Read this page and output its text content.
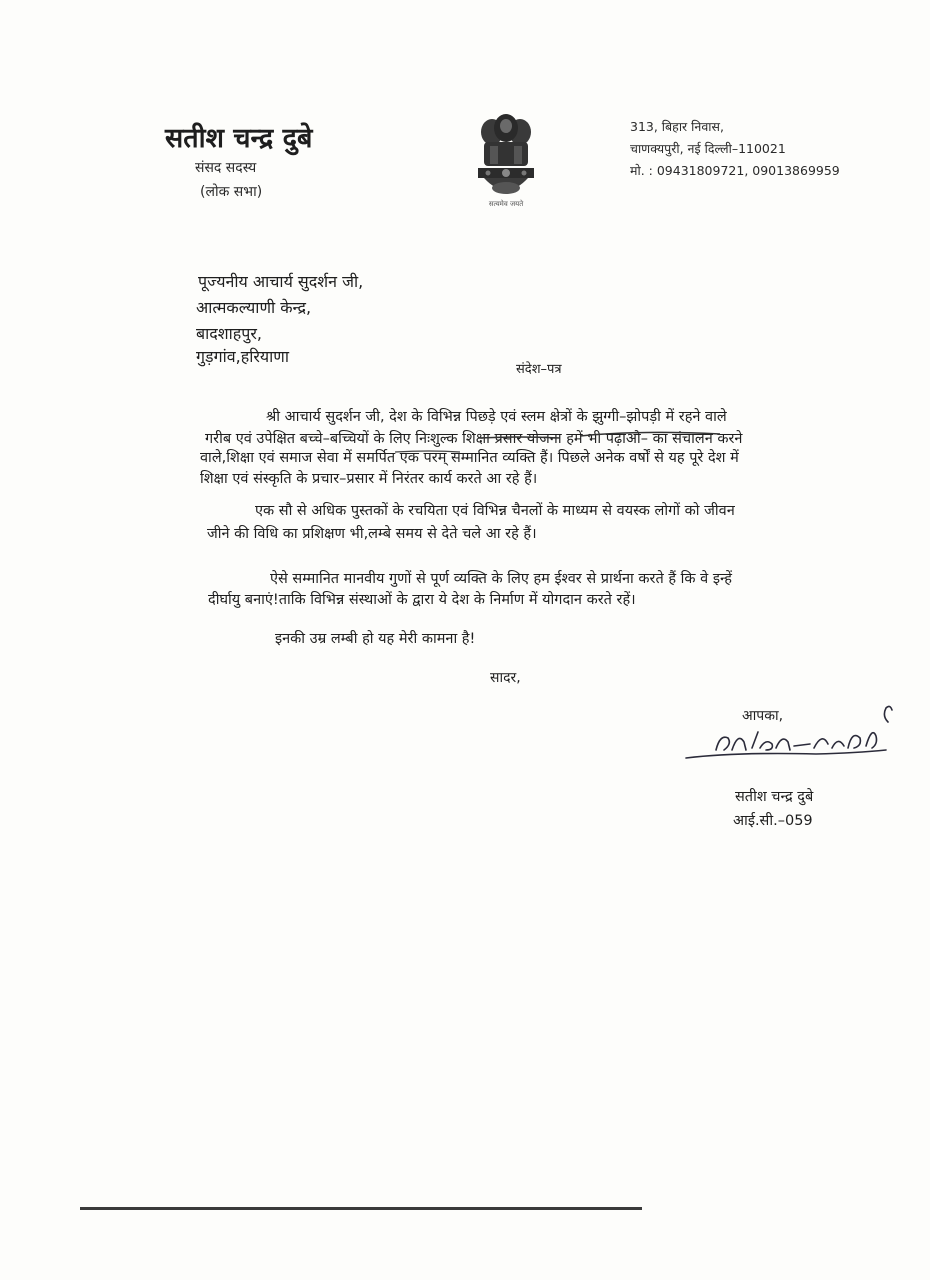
सतीश चन्द्र दुबे
संसद सदस्य
(लोक सभा)
सत्यमेव जयते
313, बिहार निवास,
चाणक्यपुरी, नई दिल्ली–110021
मो. : 09431809721, 09013869959
पूज्यनीय आचार्य सुदर्शन जी,
आत्मकल्याणी केन्द्र,
बादशाहपुर,
गुड़गांव,हरियाणा
संदेश–पत्र
श्री आचार्य सुदर्शन जी, देश के विभिन्न पिछड़े एवं स्लम क्षेत्रों के झुग्गी–झोपड़ी में रहने वाले
गरीब एवं उपेक्षित बच्चे–बच्चियों के लिए निःशुल्क शिक्षा प्रसार योजना हमें भी पढ़ाओ– का संचालन करने
वाले,शिक्षा एवं समाज सेवा में समर्पित एक परम् सम्मानित व्यक्ति हैं। पिछले अनेक वर्षों से यह पूरे देश में
शिक्षा एवं संस्कृति के प्रचार–प्रसार में निरंतर कार्य करते आ रहे हैं।
एक सौ से अधिक पुस्तकों के रचयिता एवं विभिन्न चैनलों के माध्यम से वयस्क लोगों को जीवन
जीने की विधि का प्रशिक्षण भी,लम्बे समय से देते चले आ रहे हैं।
ऐसे सम्मानित मानवीय गुणों से पूर्ण व्यक्ति के लिए हम ईश्वर से प्रार्थना करते हैं कि वे इन्हें
दीर्घायु बनाएं!ताकि विभिन्न संस्थाओं के द्वारा ये देश के निर्माण में योगदान करते रहें।
इनकी उम्र लम्बी हो यह मेरी कामना है!
सादर,
आपका,
सतीश चन्द्र दुबे
आई.सी.–059
